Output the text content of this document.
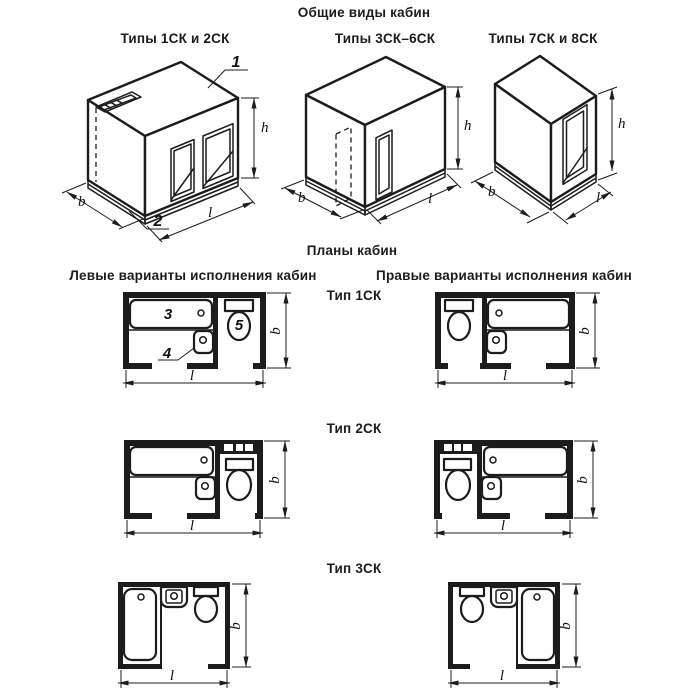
Общие виды кабин
Типы 1СК и 2СК	Типы 3СК–6СК	Типы 7СК и 8СК
Планы кабин
Левые варианты исполнения кабин	Правые варианты исполнения кабин
Тип 1СК
Тип 2СК
Тип 3СК
1
2
h
b
l
h
b	l
h
b	l
3
4
5 b
l
b
l
b
l
b
l
b
l
b
l
